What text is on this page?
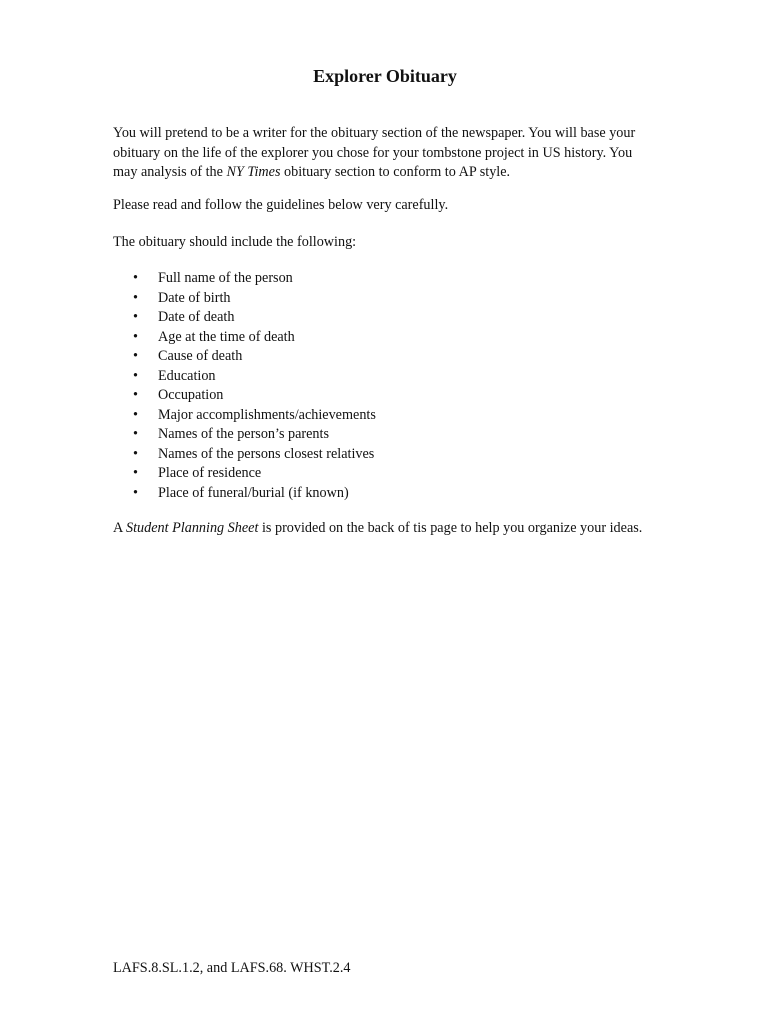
Explorer Obituary

You will pretend to be a writer for the obituary section of the newspaper. You will base your obituary on the life of the explorer you chose for your tombstone project in US history. You may analysis of the NY Times obituary section to conform to AP style.

Please read and follow the guidelines below very carefully.

The obituary should include the following:

• Full name of the person
• Date of birth
• Date of death
• Age at the time of death
• Cause of death
• Education
• Occupation
• Major accomplishments/achievements
• Names of the person’s parents
• Names of the persons closest relatives
• Place of residence
• Place of funeral/burial (if known)

A Student Planning Sheet is provided on the back of tis page to help you organize your ideas.

LAFS.8.SL.1.2, and LAFS.68. WHST.2.4
